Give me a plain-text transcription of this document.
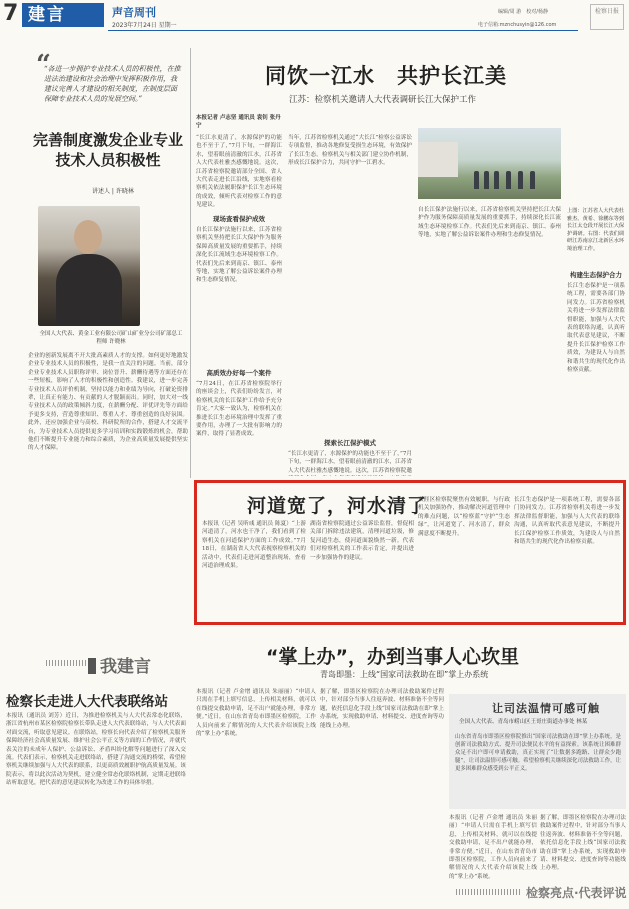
7 建言	声音周刊
2023年7月24日 星期一
编辑/周 游　校对/杨静
电子信箱:mznchusyin@126.com
检察日报
“
“各进一步拥护专业技术人员的积极性，在推进法治建设和社会治理中发挥积极作用，我建议完善人才建设的相关制度，在制度层面保障专业技术人员的发展空间。”
完善制度激发企业专业技术人员积极性
讲述人 | 许晓林
全国人大代表、黄金工业有限公司矿山矿业分公司矿部总工程师 许晓林
企业的创新发展离不开大批高素质人才的支撑。如何更好地激发企业专业技术人员的积极性，是我一直关注的问题。当前，部分企业专业技术人员职称评审、岗位晋升、薪酬待遇等方面还存在一些短板，影响了人才的积极性和创造性。我建议，进一步完善专业技术人员评价机制，坚持以能力和业绩为导向，打破论资排辈，让真正有能力、有贡献的人才脱颖而出。同时，加大对一线专业技术人员的政策倾斜力度，在薪酬分配、评优评先等方面给予更多支持，营造尊重知识、尊重人才、尊重创造的良好氛围。此外，还应加强企业与高校、科研院所的合作，搭建人才交流平台，为专业技术人员提供更多学习培训和实践锻炼的机会，帮助他们不断提升专业能力和综合素质，为企业高质量发展提供坚实的人才保障。
同饮一江水　共护长江美
江苏：检察机关邀请人大代表调研长江大保护工作
本报记者 卢志坚 通讯员 袁钊 张丹宁
“长江水更清了，水源保护的功能也不至于了，”7月下旬，一群海江水，望着眼前清澈的江水，江苏省人大代表杜雅杰感慨地说。这次，江苏省检察院邀请部分全国、省人大代表走进长江沿线，实地察看检察机关依法履职保护长江生态环境的成效，倾听代表对检察工作的意见建议。
现场查看保护成效
自长江保护法施行以来，江苏省检察机关坚持把长江大保护作为服务保障高质量发展的重要抓手，持续深化长江流域生态环境检察工作。代表们先后来到南京、镇江、泰州等地，实地了解公益诉讼案件办理和生态修复情况。
高质效办好每一个案件
“7月24日，在江苏省检察院举行的座谈会上，代表们纷纷发言，对检察机关的长江保护工作给予充分肯定。”大家一致认为，检察机关在推进长江生态环境治理中发挥了重要作用，办理了一大批有影响力的案件，取得了显著成效。
上图：江苏省人大代表杜雅杰、黄希、徐鹏东等到长江太仓段开展长江大保护调研。右图：代表们调研江苏南京江北新区水环境治理工作。
当年，江苏省检察机关通过“大长江”检察公益诉讼专项监督，推动各地修复受损生态环境，有效保护了长江生态。检察机关与相关部门建立协作机制，形成长江保护合力，共同守护一江碧水。
探索长江保护模式
“长江水更清了，水源保护的功能也不至于了，”7月下旬，一群海江水，望着眼前清澈的江水，江苏省人大代表杜雅杰感慨地说。这次，江苏省检察院邀
自长江保护法施行以来，江苏省检察机关坚持把长江大保护作为服务保障高质量发展的重要抓手，持续深化长江流域生态环境检察工作。代表们先后来到南京、镇江、泰州等地，实地了解公益诉讼案件办理和生态修复情况。
构建生态保护合力
长江生态保护是一项系统工程，需要各部门协同发力。江苏省检察机关将进一步发挥法律监督职能，加强与人大代表的联络沟通，认真听取代表意见建议，不断提升长江保护检察工作质效，为建设人与自然和谐共生的现代化作出检察贡献。
河道宽了，河水清了
本报讯（记者 吴昕彧 通讯员 陈夏）“上游河道清了，河水也干净了，我们看到了检察机关在河道保护方面的工作成效。”7月18日，在湖南省人大代表视察检察机关的活动中，代表们走进河道整治现场，查看河道治理成果。
湖南省检察院通过公益诉讼监督，督促相关部门拆除违法建筑，清理河道垃圾，修复河道生态，使河道面貌焕然一新。代表们对检察机关的工作表示肯定，并提出进一步加强协作的建议。
双涯区检察院聚焦有效履职，与行政机关加强协作，推动解决河道管理中的难点问题，以“检察蓝”守护“生态绿”，让河道宽了、河水清了，群众满意度不断提升。
长江生态保护是一项系统工程，需要各部门协同发力。江苏省检察机关将进一步发挥法律监督职能，加强与人大代表的联络沟通，认真听取代表意见建议，不断提升长江保护检察工作质效，为建设人与自然和谐共生的现代化作出检察贡献。
“掌上办”，办到当事人心坎里
青岛即墨：上线“国家司法救助在即”掌上办系统
本报讯（记者 卢金增 通讯员 朱丽丽）“申请人只需在手机上填写信息，上传相关材料，就可以在线提交救助申请，足不出户就能办理，非常方便。”近日，在山东省青岛市即墨区检察院，工作人员向前来了解情况的人大代表介绍该院上线的“掌上办”系统。
据了解，即墨区检察院在办理司法救助案件过程中，针对部分当事人往返奔波、材料准备不全等问题，依托信息化手段上线“国家司法救助在即”掌上办系统，实现救助申请、材料提交、进度查询等功能线上办理。
本报讯（记者 卢金增 通讯员 朱丽丽）“申请人只需在手机上填写信息，上传相关材料，就可以在线提交救助申请，足不出户就能办理，非常方便。”近日，在山东省青岛市即墨区检察院，工作人员向前来了解情况的人大代表介绍该院上线的“掌上办”系统。
据了解，即墨区检察院在办理司法救助案件过程中，针对部分当事人往返奔波、材料准备不全等问题，依托信息化手段上线“国家司法救助在即”掌上办系统，实现救助申请、材料提交、进度查询等功能线上办理。
我建言
检察长走进人大代表联络站
本报讯（通讯员 刘芳）近日，为推进检察机关与人大代表常态化联络，浙江省杭州市某区检察院检察长带队走进人大代表联络站，与人大代表面对面交流，听取意见建议。在联络站，检察长向代表介绍了检察机关服务保障经济社会高质量发展、维护社会公平正义等方面的工作情况，并就代表关注的未成年人保护、公益诉讼、矛盾纠纷化解等问题进行了深入交流。代表们表示，检察机关走进联络站，搭建了沟通交流的桥梁，希望检察机关继续加强与人大代表的联系，以更高质效履职护航高质量发展。该院表示，将以此次活动为契机，建立健全常态化联络机制，定期走进联络站听取意见，把代表的意见建议转化为改进工作的具体举措。
让司法温情可感可触
全国人大代表、青岛市崂山区王哥庄街道办事处 林某
山东省青岛市即墨区检察院推出“国家司法救助在即”掌上办系统，是创新司法救助方式、提升司法便民水平的有益探索。该系统让困难群众足不出户即可申请救助，真正实现了“让数据多跑路、让群众少跑腿”，让司法温情可感可触。希望检察机关继续深化司法救助工作，让更多困难群众感受到公平正义。
检察亮点·代表评说
